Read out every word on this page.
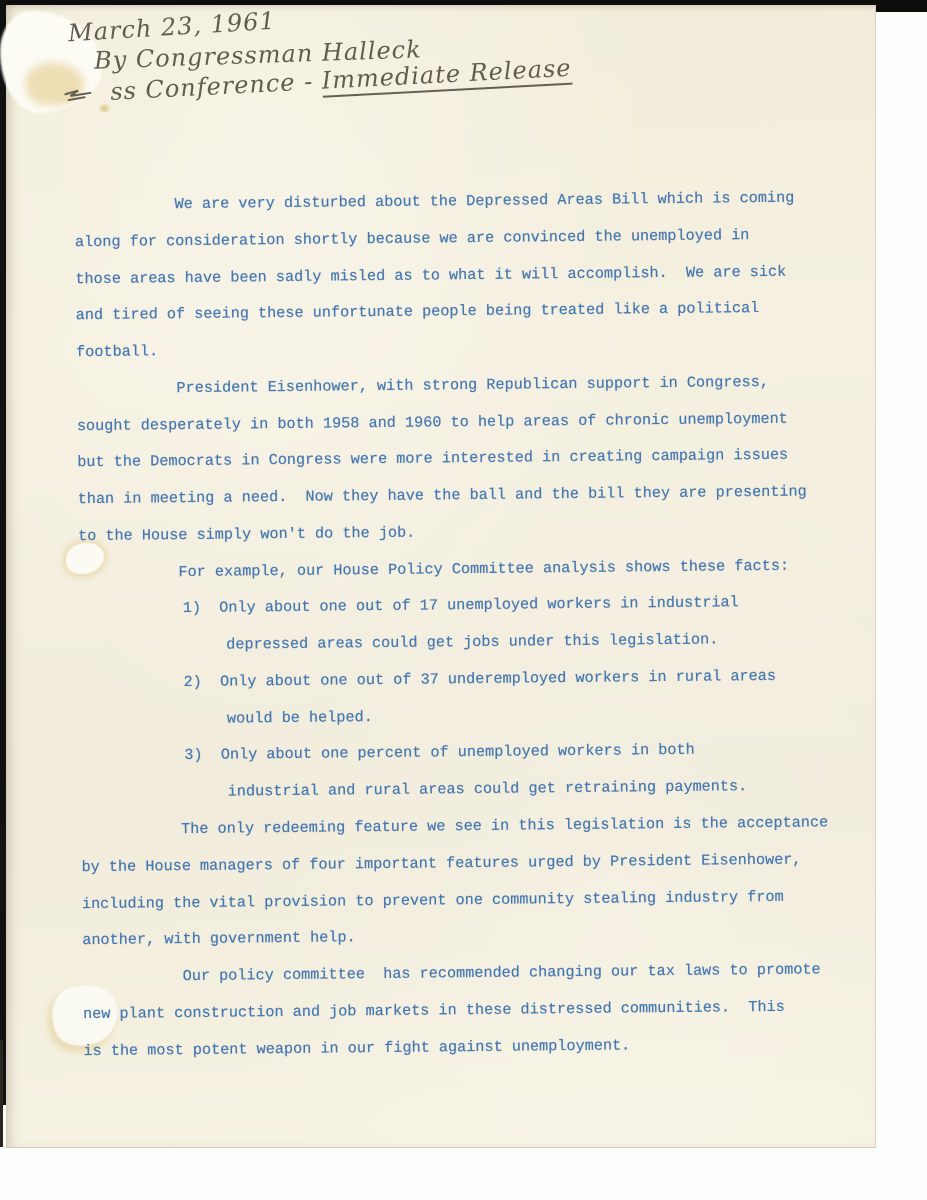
March 23, 1961
By Congressman Halleck
ss Conference - Immediate Release
We are very disturbed about the Depressed Areas Bill which is coming
along for consideration shortly because we are convinced the unemployed in
those areas have been sadly misled as to what it will accomplish.  We are sick
and tired of seeing these unfortunate people being treated like a political
football.
President Eisenhower, with strong Republican support in Congress,
sought desperately in both 1958 and 1960 to help areas of chronic unemployment
but the Democrats in Congress were more interested in creating campaign issues
than in meeting a need.  Now they have the ball and the bill they are presenting
to the House simply won't do the job.
For example, our House Policy Committee analysis shows these facts:
1)  Only about one out of 17 unemployed workers in industrial
depressed areas could get jobs under this legislation.
2)  Only about one out of 37 underemployed workers in rural areas
would be helped.
3)  Only about one percent of unemployed workers in both
industrial and rural areas could get retraining payments.
The only redeeming feature we see in this legislation is the acceptance
by the House managers of four important features urged by President Eisenhower,
including the vital provision to prevent one community stealing industry from
another, with government help.
Our policy committee  has recommended changing our tax laws to promote
new plant construction and job markets in these distressed communities.  This
is the most potent weapon in our fight against unemployment.
